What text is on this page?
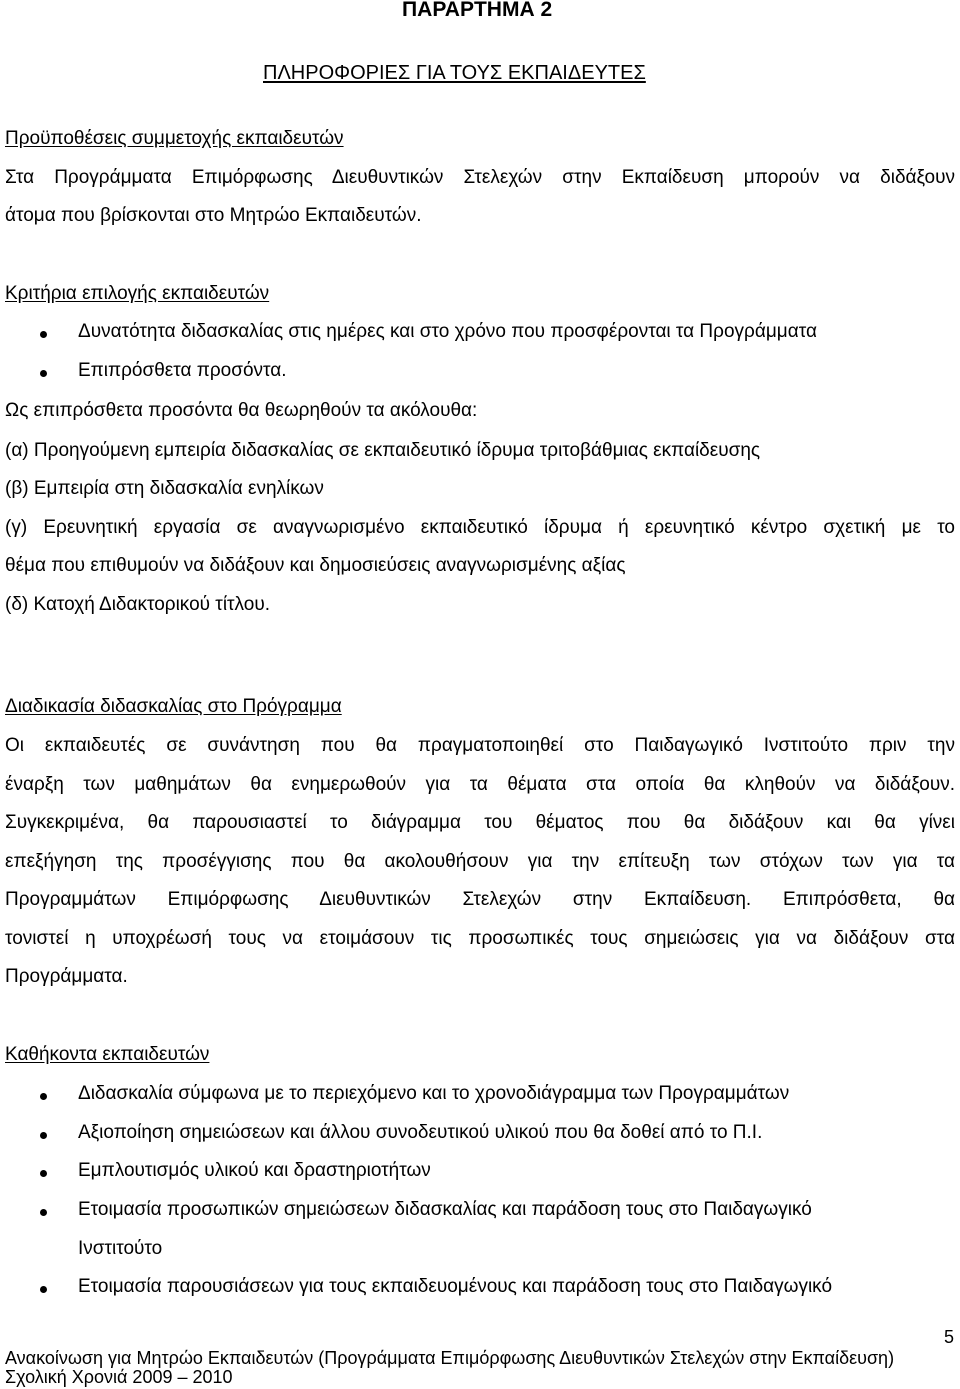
ΠΑΡΑΡΤΗΜΑ 2
ΠΛΗΡΟΦΟΡΙΕΣ ΓΙΑ ΤΟΥΣ ΕΚΠΑΙΔΕΥΤΕΣ
Προϋποθέσεις συμμετοχής εκπαιδευτών
Στα Προγράμματα Επιμόρφωσης Διευθυντικών Στελεχών στην Εκπαίδευση μπορούν να διδάξουν
άτομα που βρίσκονται στο Μητρώο Εκπαιδευτών.
Κριτήρια επιλογής εκπαιδευτών
Δυνατότητα διδασκαλίας στις ημέρες και στο χρόνο που προσφέρονται τα Προγράμματα
Επιπρόσθετα προσόντα.
Ως επιπρόσθετα προσόντα θα θεωρηθούν τα ακόλουθα:
(α) Προηγούμενη εμπειρία διδασκαλίας σε εκπαιδευτικό ίδρυμα τριτοβάθμιας εκπαίδευσης
(β) Εμπειρία στη διδασκαλία ενηλίκων
(γ) Ερευνητική εργασία σε αναγνωρισμένο εκπαιδευτικό ίδρυμα ή ερευνητικό κέντρο σχετική με το
θέμα που επιθυμούν να διδάξουν και δημοσιεύσεις αναγνωρισμένης αξίας
(δ) Κατοχή Διδακτορικού τίτλου.
Διαδικασία διδασκαλίας στο Πρόγραμμα
Οι εκπαιδευτές σε συνάντηση που θα πραγματοποιηθεί στο Παιδαγωγικό Ινστιτούτο πριν την
έναρξη των μαθημάτων θα ενημερωθούν για τα θέματα στα οποία θα κληθούν να διδάξουν.
Συγκεκριμένα, θα παρουσιαστεί το διάγραμμα του θέματος που θα διδάξουν και θα γίνει
επεξήγηση της προσέγγισης που θα ακολουθήσουν για την επίτευξη των στόχων των για τα
Προγραμμάτων Επιμόρφωσης Διευθυντικών Στελεχών στην Εκπαίδευση. Επιπρόσθετα, θα
τονιστεί η υποχρέωσή τους να ετοιμάσουν τις προσωπικές τους σημειώσεις για να διδάξουν στα
Προγράμματα.
Καθήκοντα εκπαιδευτών
Διδασκαλία σύμφωνα με το περιεχόμενο και το χρονοδιάγραμμα των Προγραμμάτων
Αξιοποίηση σημειώσεων και άλλου συνοδευτικού υλικού που θα δοθεί από το Π.Ι.
Εμπλουτισμός υλικού και δραστηριοτήτων
Ετοιμασία προσωπικών σημειώσεων διδασκαλίας και παράδοση τους στο Παιδαγωγικό
Ινστιτούτο
Ετοιμασία παρουσιάσεων για τους εκπαιδευομένους και παράδοση τους στο Παιδαγωγικό
5
Ανακοίνωση για Μητρώο Εκπαιδευτών (Προγράμματα Επιμόρφωσης Διευθυντικών Στελεχών στην Εκπαίδευση)
Σχολική Χρονιά 2009 – 2010
